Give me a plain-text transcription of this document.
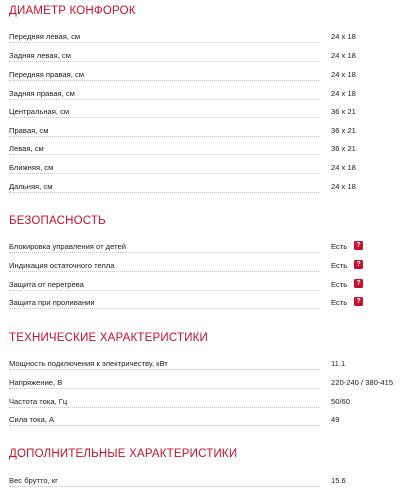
ДИАМЕТР КОНФОРОК
Передняя левая, см	24 x 18
Задняя левая, см	24 x 18
Передняя правая, см	24 x 18
Задняя правая, см	24 x 18
Центральная, см	36 x 21
Правая, см	36 x 21
Левая, см	36 x 21
Ближняя, см	24 x 18
Дальняя, см	24 x 18
БЕЗОПАСНОСТЬ
Блокировка управления от детей	Есть	?
Индикация остаточного тепла	Есть	?
Защита от перегрева	Есть	?
Защита при проливании	Есть	?
ТЕХНИЧЕСКИЕ ХАРАКТЕРИСТИКИ
Мощность подключения к электричеству, кВт	11.1
Напряжение, В	220-240 / 380-415
Частота тока, Гц	50/60
Сила тока, А	49
ДОПОЛНИТЕЛЬНЫЕ ХАРАКТЕРИСТИКИ
Вес брутто, кг	15.6
